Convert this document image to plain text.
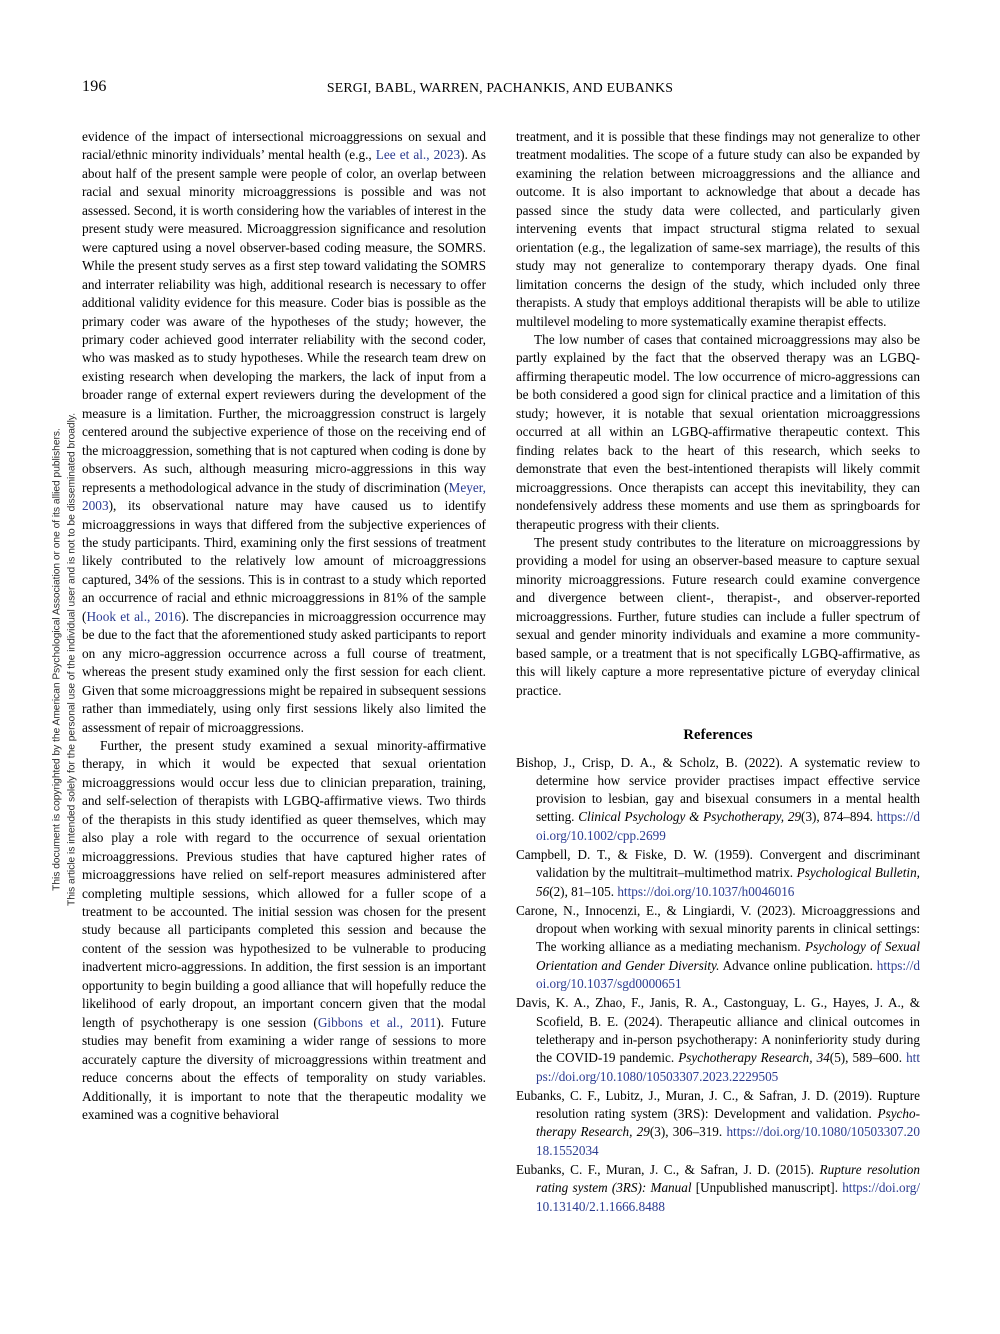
196	SERGI, BABL, WARREN, PACHANKIS, AND EUBANKS
This document is copyrighted by the American Psychological Association or one of its allied publishers. This article is intended solely for the personal use of the individual user and is not to be disseminated broadly.

evidence of the impact of intersectional microaggressions on sexual and racial/ethnic minority individuals’ mental health (e.g., Lee et al., 2023). As about half of the present sample were people of color, an overlap between racial and sexual minority microaggressions is possible and was not assessed. Second, it is worth considering how the variables of interest in the present study were measured. Microaggression significance and resolution were captured using a novel observer-based coding measure, the SOMRS. While the present study serves as a first step toward validating the SOMRS and interrater reliability was high, additional research is necessary to offer additional validity evidence for this measure. Coder bias is possible as the primary coder was aware of the hypotheses of the study; however, the primary coder achieved good interrater reliability with the second coder, who was masked as to study hypotheses. While the research team drew on existing research when developing the markers, the lack of input from a broader range of external expert reviewers during the development of the measure is a limitation. Further, the microaggression construct is largely centered around the subjective experience of those on the receiving end of the microaggression, something that is not captured when coding is done by observers. As such, although measuring micro-aggressions in this way represents a methodological advance in the study of discrimination (Meyer, 2003), its observational nature may have caused us to identify microaggressions in ways that differed from the subjective experiences of the study participants. Third, examining only the first sessions of treatment likely contributed to the relatively low amount of microaggressions captured, 34% of the sessions. This is in contrast to a study which reported an occurrence of racial and ethnic microaggressions in 81% of the sample (Hook et al., 2016). The discrepancies in microaggression occurrence may be due to the fact that the aforementioned study asked participants to report on any micro-aggression occurrence across a full course of treatment, whereas the present study examined only the first session for each client. Given that some microaggressions might be repaired in subsequent sessions rather than immediately, using only first sessions likely also limited the assessment of repair of microaggressions.

Further, the present study examined a sexual minority-affirmative therapy, in which it would be expected that sexual orientation microaggressions would occur less due to clinician preparation, training, and self-selection of therapists with LGBQ-affirmative views. Two thirds of the therapists in this study identified as queer themselves, which may also play a role with regard to the occurrence of sexual orientation microaggressions. Previous studies that have captured higher rates of microaggressions have relied on self-report measures administered after completing multiple sessions, which allowed for a fuller scope of a treatment to be accounted. The initial session was chosen for the present study because all participants completed this session and because the content of the session was hypothesized to be vulnerable to producing inadvertent micro-aggressions. In addition, the first session is an important opportunity to begin building a good alliance that will hopefully reduce the likelihood of early dropout, an important concern given that the modal length of psychotherapy is one session (Gibbons et al., 2011). Future studies may benefit from examining a wider range of sessions to more accurately capture the diversity of microaggressions within treatment and reduce concerns about the effects of temporality on study variables. Additionally, it is important to note that the therapeutic modality we examined was a cognitive behavioral

treatment, and it is possible that these findings may not generalize to other treatment modalities. The scope of a future study can also be expanded by examining the relation between microaggressions and the alliance and outcome. It is also important to acknowledge that about a decade has passed since the study data were collected, and particularly given intervening events that impact structural stigma related to sexual orientation (e.g., the legalization of same-sex marriage), the results of this study may not generalize to contemporary therapy dyads. One final limitation concerns the design of the study, which included only three therapists. A study that employs additional therapists will be able to utilize multilevel modeling to more systematically examine therapist effects.

The low number of cases that contained microaggressions may also be partly explained by the fact that the observed therapy was an LGBQ-affirming therapeutic model. The low occurrence of micro-aggressions can be both considered a good sign for clinical practice and a limitation of this study; however, it is notable that sexual orientation microaggressions occurred at all within an LGBQ-affirmative therapeutic context. This finding relates back to the heart of this research, which seeks to demonstrate that even the best-intentioned therapists will likely commit microaggressions. Once therapists can accept this inevitability, they can nondefensively address these moments and use them as springboards for therapeutic progress with their clients.

The present study contributes to the literature on microaggressions by providing a model for using an observer-based measure to capture sexual minority microaggressions. Future research could examine convergence and divergence between client-, therapist-, and observer-reported microaggressions. Further, future studies can include a fuller spectrum of sexual and gender minority individuals and examine a more community-based sample, or a treatment that is not specifically LGBQ-affirmative, as this will likely capture a more representative picture of everyday clinical practice.

References

Bishop, J., Crisp, D. A., & Scholz, B. (2022). A systematic review to determine how service provider practises impact effective service provision to lesbian, gay and bisexual consumers in a mental health setting. Clinical Psychology & Psychotherapy, 29(3), 874–894. https://doi.org/10.1002/cpp.2699

Campbell, D. T., & Fiske, D. W. (1959). Convergent and discriminant validation by the multitrait–multimethod matrix. Psychological Bulletin, 56(2), 81–105. https://doi.org/10.1037/h0046016

Carone, N., Innocenzi, E., & Lingiardi, V. (2023). Microaggressions and dropout when working with sexual minority parents in clinical settings: The working alliance as a mediating mechanism. Psychology of Sexual Orientation and Gender Diversity. Advance online publication. https://doi.org/10.1037/sgd0000651

Davis, K. A., Zhao, F., Janis, R. A., Castonguay, L. G., Hayes, J. A., & Scofield, B. E. (2024). Therapeutic alliance and clinical outcomes in teletherapy and in-person psychotherapy: A noninferiority study during the COVID-19 pandemic. Psychotherapy Research, 34(5), 589–600. https://doi.org/10.1080/10503307.2023.2229505

Eubanks, C. F., Lubitz, J., Muran, J. C., & Safran, J. D. (2019). Rupture resolution rating system (3RS): Development and validation. Psycho-therapy Research, 29(3), 306–319. https://doi.org/10.1080/10503307.2018.1552034

Eubanks, C. F., Muran, J. C., & Safran, J. D. (2015). Rupture resolution rating system (3RS): Manual [Unpublished manuscript]. https://doi.org/10.13140/2.1.1666.8488
